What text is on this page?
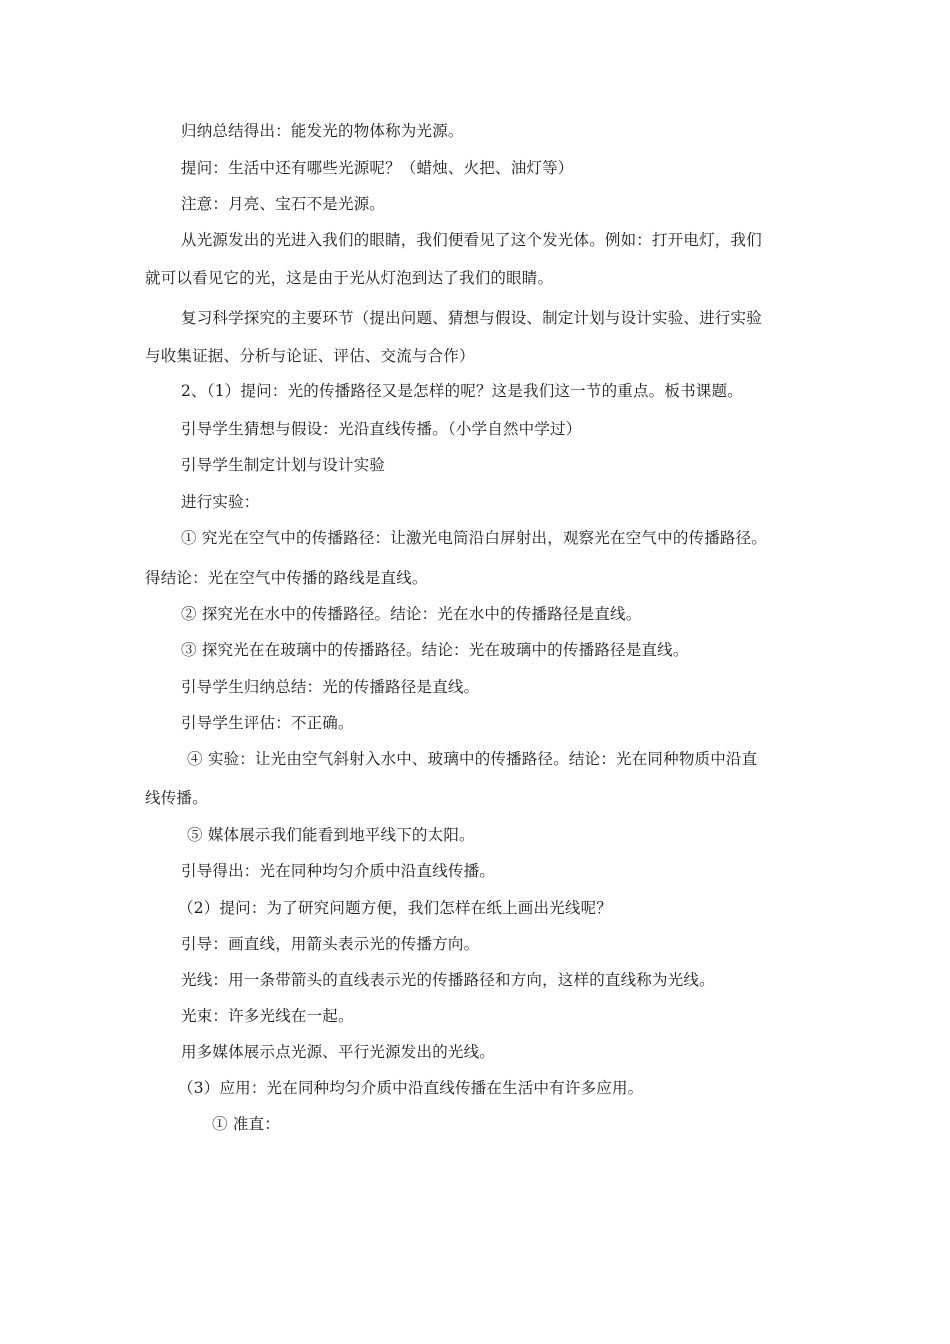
归纳总结得出：能发光的物体称为光源。
提问：生活中还有哪些光源呢？（蜡烛、火把、油灯等）
注意：月亮、宝石不是光源。
从光源发出的光进入我们的眼睛，我们便看见了这个发光体。例如：打开电灯，我们
就可以看见它的光，这是由于光从灯泡到达了我们的眼睛。
复习科学探究的主要环节（提出问题、猜想与假设、制定计划与设计实验、进行实验
与收集证据、分析与论证、评估、交流与合作）
2、（1）提问：光的传播路径又是怎样的呢？这是我们这一节的重点。板书课题。
引导学生猜想与假设：光沿直线传播。（小学自然中学过）
引导学生制定计划与设计实验
进行实验：
① 究光在空气中的传播路径：让激光电筒沿白屏射出，观察光在空气中的传播路径。
得结论：光在空气中传播的路线是直线。
② 探究光在水中的传播路径。结论：光在水中的传播路径是直线。
③ 探究光在在玻璃中的传播路径。结论：光在玻璃中的传播路径是直线。
引导学生归纳总结：光的传播路径是直线。
引导学生评估：不正确。
④ 实验：让光由空气斜射入水中、玻璃中的传播路径。结论：光在同种物质中沿直
线传播。
⑤ 媒体展示我们能看到地平线下的太阳。
引导得出：光在同种均匀介质中沿直线传播。
（2）提问：为了研究问题方便，我们怎样在纸上画出光线呢？
引导：画直线，用箭头表示光的传播方向。
光线：用一条带箭头的直线表示光的传播路径和方向，这样的直线称为光线。
光束：许多光线在一起。
用多媒体展示点光源、平行光源发出的光线。
（3）应用：光在同种均匀介质中沿直线传播在生活中有许多应用。
① 准直：
